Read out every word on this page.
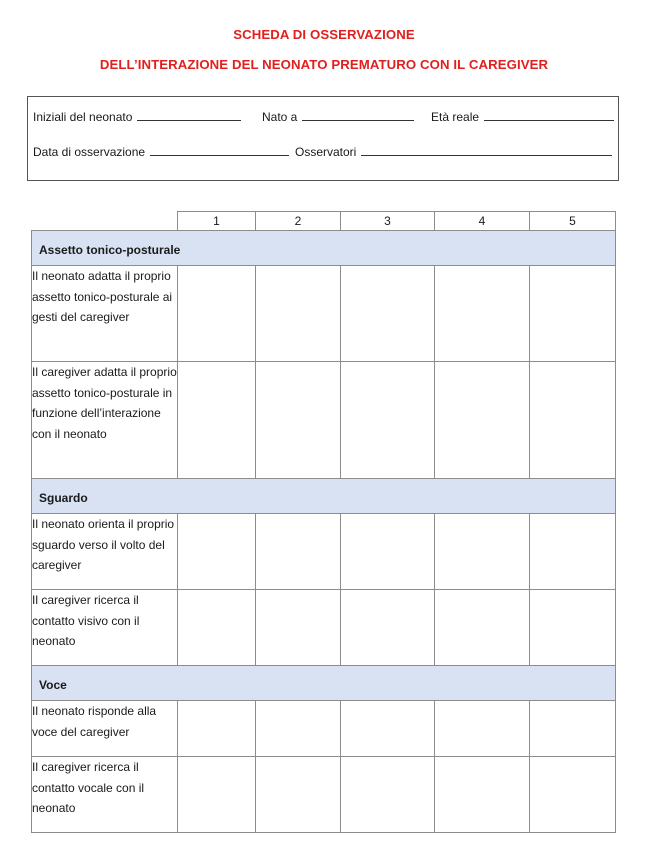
SCHEDA DI OSSERVAZIONE
DELL’INTERAZIONE DEL NEONATO PREMATURO CON IL CAREGIVER
Iniziali del neonato	Nato a	Età reale
Data di osservazione	Osservatori
	1	2	3	4	5
Assetto tonico-posturale					
Il neonato adatta il proprio assetto tonico-posturale ai gesti del caregiver					
Il caregiver adatta il proprio assetto tonico-posturale in funzione dell’interazione con il neonato					
Sguardo					
Il neonato orienta il proprio sguardo verso il volto del caregiver					
Il caregiver ricerca il contatto visivo con il neonato					
Voce					
Il neonato risponde alla voce del caregiver					
Il caregiver ricerca il contatto vocale con il neonato					
